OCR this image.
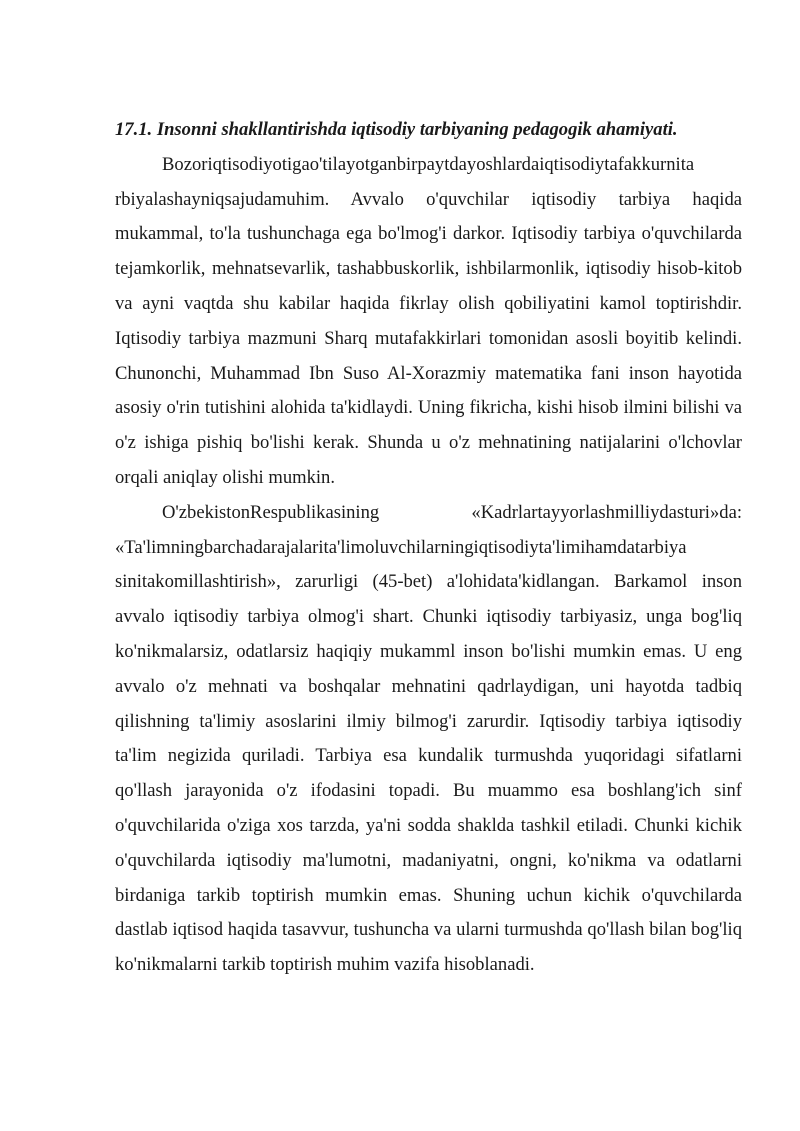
17.1. Insonni shakllantirishda iqtisodiy tarbiyaning pedagogik ahamiyati.

Bozoriqtisodiyotigao'tilayotganbirpaytdayoshlardaiqtisodiytafakkurnita

rbiyalashayniqsajudamuhim. Avvalo o'quvchilar iqtisodiy tarbiya haqida mukammal, to'la tushunchaga ega bo'lmog'i darkor. Iqtisodiy tarbiya o'quvchilarda tejamkorlik, mehnatsevarlik, tashabbuskorlik, ishbilarmonlik, iqtisodiy hisob-kitob va ayni vaqtda shu kabilar haqida fikrlay olish qobiliyatini kamol toptirishdir. Iqtisodiy tarbiya mazmuni Sharq mutafakkirlari tomonidan asosli boyitib kelindi. Chunonchi, Muhammad Ibn Suso Al-Xorazmiy matematika fani inson hayotida asosiy o'rin tutishini alohida ta'kidlaydi. Uning fikricha, kishi hisob ilmini bilishi va o'z ishiga pishiq bo'lishi kerak. Shunda u o'z mehnatining natijalarini o'lchovlar orqali aniqlay olishi mumkin.

O'zbekistonRespublikasining           «Kadrlartayyorlashmilliydasturi»da:
«Ta'limningbarchadarajalarita'limoluvchilarningiqtisodiyta'limihamdatarbiya

sinitakomillashtirish», zarurligi (45-bet) a'lohidata'kidlangan. Barkamol inson avvalo iqtisodiy tarbiya olmog'i shart. Chunki iqtisodiy tarbiyasiz, unga bog'liq ko'nikmalarsiz, odatlarsiz haqiqiy mukamml inson bo'lishi mumkin emas. U eng avvalo o'z mehnati va boshqalar mehnatini qadrlaydigan, uni hayotda tadbiq qilishning ta'limiy asoslarini ilmiy bilmog'i zarurdir. Iqtisodiy tarbiya iqtisodiy ta'lim negizida quriladi. Tarbiya esa kundalik turmushda yuqoridagi sifatlarni qo'llash jarayonida o'z ifodasini topadi. Bu muammo esa boshlang'ich sinf o'quvchilarida o'ziga xos tarzda, ya'ni sodda shaklda tashkil etiladi. Chunki kichik o'quvchilarda iqtisodiy ma'lumotni, madaniyatni, ongni, ko'nikma va odatlarni birdaniga tarkib toptirish mumkin emas. Shuning uchun kichik o'quvchilarda dastlab iqtisod haqida tasavvur, tushuncha va ularni turmushda qo'llash bilan bog'liq ko'nikmalarni tarkib toptirish muhim vazifa hisoblanadi.
